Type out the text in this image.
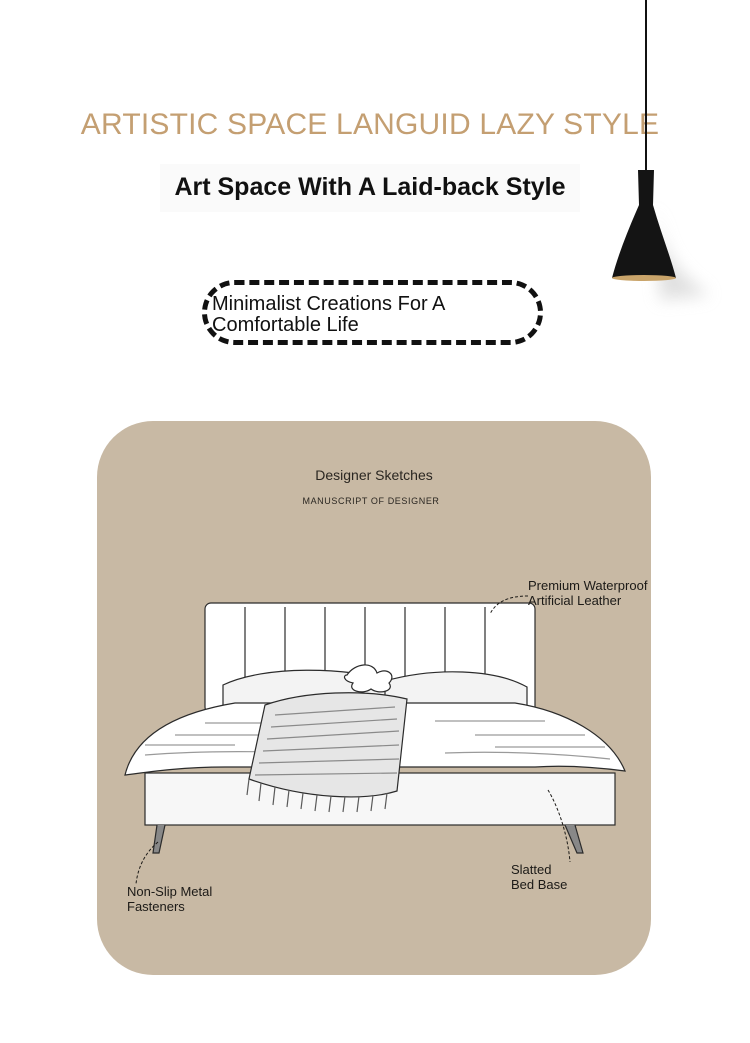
ARTISTIC SPACE LANGUID LAZY STYLE
Art Space With A Laid-back Style
Minimalist Creations For A
Comfortable Life
Designer Sketches
MANUSCRIPT OF DESIGNER
Premium Waterproof
Artificial Leather
Slatted
Bed Base
Non-Slip Metal
Fasteners
